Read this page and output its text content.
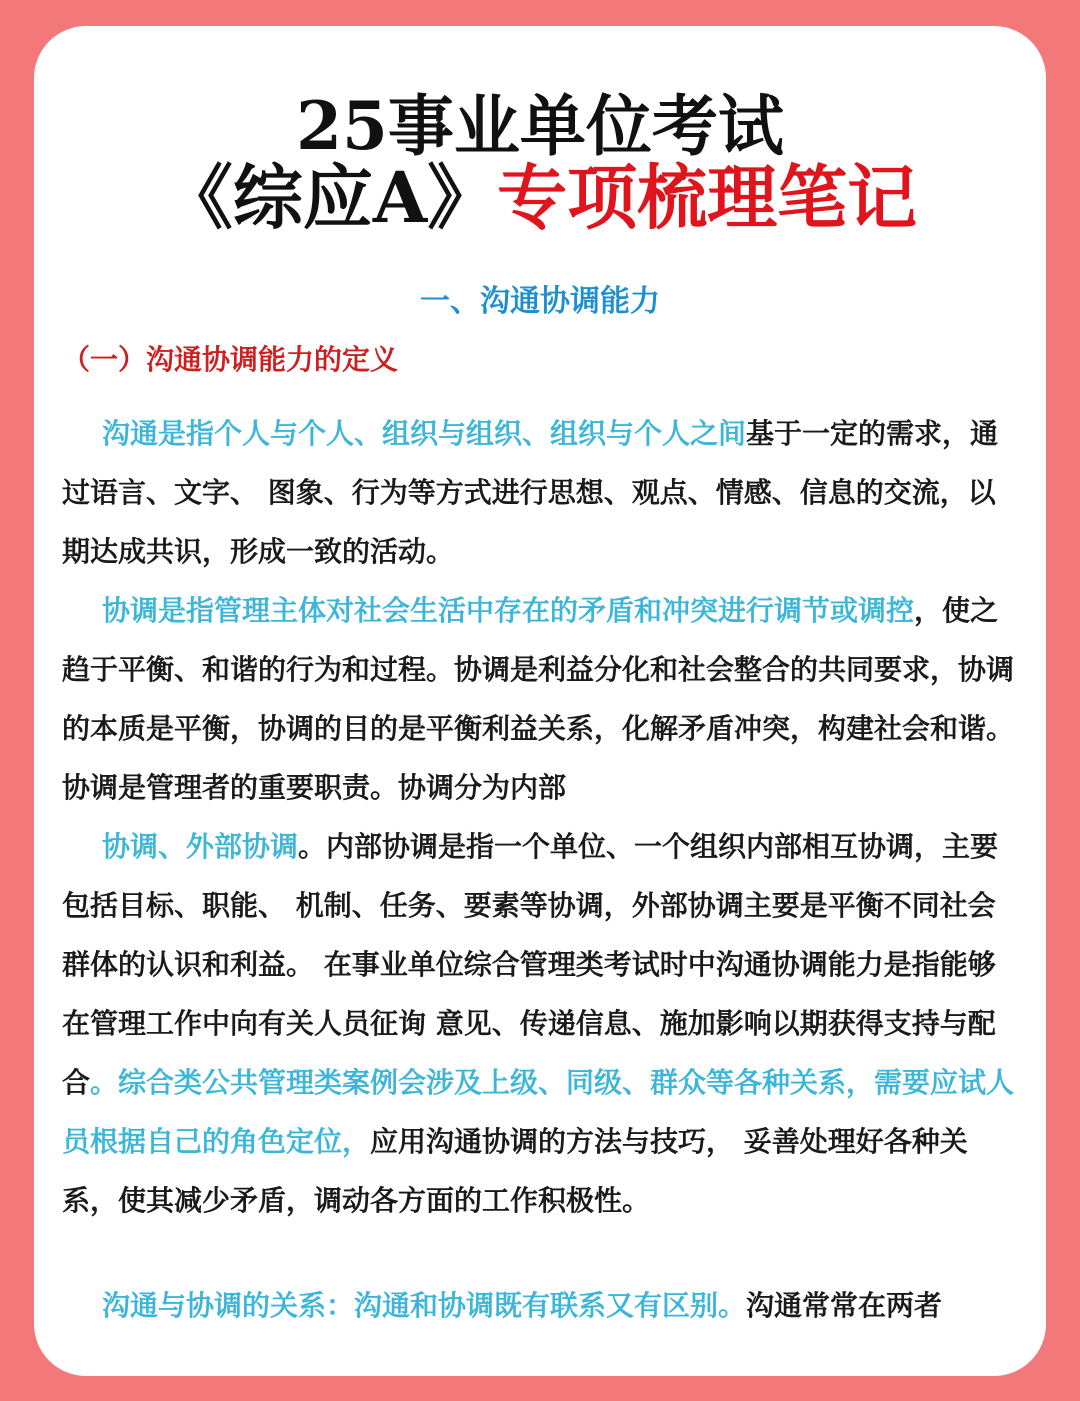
25事业单位考试
《综应A》专项梳理笔记
一、沟通协调能力
（一）沟通协调能力的定义
沟通是指个人与个人、组织与组织、组织与个人之间基于一定的需求，通过语言、文字、 图象、行为等方式进行思想、观点、情感、信息的交流，以期达成共识，形成一致的活动。
协调是指管理主体对社会生活中存在的矛盾和冲突进行调节或调控，使之趋于平衡、和谐的行为和过程。协调是利益分化和社会整合的共同要求，协调的本质是平衡，协调的目的是平衡利益关系，化解矛盾冲突，构建社会和谐。协调是管理者的重要职责。协调分为内部
协调、外部协调。内部协调是指一个单位、一个组织内部相互协调，主要包括目标、职能、 机制、任务、要素等协调，外部协调主要是平衡不同社会群体的认识和利益。 在事业单位综合管理类考试时中沟通协调能力是指能够在管理工作中向有关人员征询 意见、传递信息、施加影响以期获得支持与配合。综合类公共管理类案例会涉及上级、同级、群众等各种关系，需要应试人员根据自己的角色定位，应用沟通协调的方法与技巧， 妥善处理好各种关系，使其减少矛盾，调动各方面的工作积极性。
沟通与协调的关系：沟通和协调既有联系又有区别。沟通常常在两者
